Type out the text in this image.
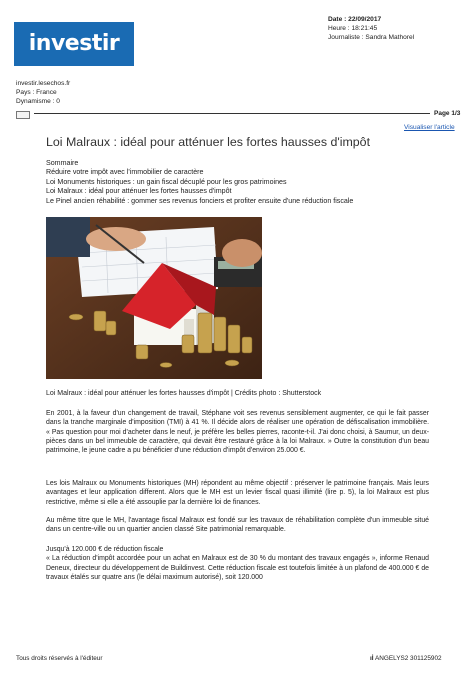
investir
Date : 22/09/2017
Heure : 18:21:45
Journaliste : Sandra Mathorel
investir.lesechos.fr
Pays : France
Dynamisme : 0
Page 1/3
Visualiser l'article
Loi Malraux : idéal pour atténuer les fortes hausses d'impôt
Sommaire
Réduire votre impôt avec l'immobilier de caractère
Loi Monuments historiques : un gain fiscal décuplé pour les gros patrimoines
Loi Malraux : idéal pour atténuer les fortes hausses d'impôt
Le Pinel ancien réhabilité : gommer ses revenus fonciers et profiter ensuite d'une réduction fiscale
Loi Malraux : idéal pour atténuer les fortes hausses d'impôt | Crédits photo : Shutterstock
En 2001, à la faveur d'un changement de travail, Stéphane voit ses revenus sensiblement augmenter, ce qui le fait passer dans la tranche marginale d'imposition (TMI) à 41 %. Il décide alors de réaliser une opération de défiscalisation immobilière. « Pas question pour moi d'acheter dans le neuf, je préfère les belles pierres, raconte-t-il. J'ai donc choisi, à Saumur, un deux-pièces dans un bel immeuble de caractère, qui devait être restauré grâce à la loi Malraux. » Outre la constitution d'un beau patrimoine, le jeune cadre a pu bénéficier d'une réduction d'impôt d'environ 25.000 €.
Les lois Malraux ou Monuments historiques (MH) répondent au même objectif : préserver le patrimoine français. Mais leurs avantages et leur application different. Alors que le MH est un levier fiscal quasi illimité (lire p. 5), la loi Malraux est plus restrictive, même si elle a été assouplie par la dernière loi de finances.
Au même titre que le MH, l'avantage fiscal Malraux est fondé sur les travaux de réhabilitation complète d'un immeuble situé dans un centre-ville ou un quartier ancien classé Site patrimonial remarquable.
Jusqu'à 120.000 € de réduction fiscale
« La réduction d'impôt accordée pour un achat en Malraux est de 30 % du montant des travaux engagés », informe Renaud Deneux, directeur du développement de Buildinvest. Cette réduction fiscale est toutefois limitée à un plafond de 400.000 € de travaux étalés sur quatre ans (le délai maximum autorisé), soit 120.000
Tous droits réservés à l'éditeur	ıİ ANGELYS2 301125902
